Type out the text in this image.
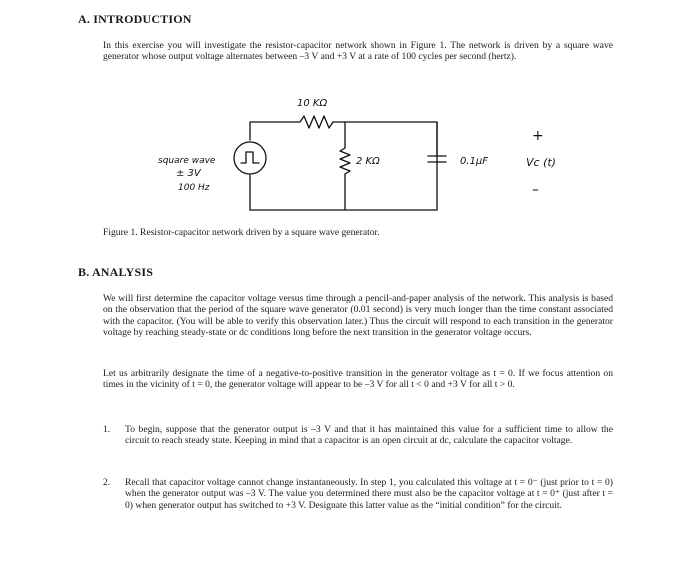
A. INTRODUCTION
In this exercise you will investigate the resistor-capacitor network shown in Figure 1. The network is driven by a square wave generator whose output voltage alternates between –3 V and +3 V at a rate of 100 cycles per second (hertz).
10 KΩ
2 KΩ	0.1μF
square wave
± 3V
100 Hz
+
Vc (t)
–
Figure 1. Resistor-capacitor network driven by a square wave generator.
B. ANALYSIS
We will first determine the capacitor voltage versus time through a pencil-and-paper analysis of the network. This analysis is based on the observation that the period of the square wave generator (0.01 second) is very much longer than the time constant associated with the capacitor. (You will be able to verify this observation later.) Thus the circuit will respond to each transition in the generator voltage by reaching steady-state or dc conditions long before the next transition in the generator voltage occurs.
Let us arbitrarily designate the time of a negative-to-positive transition in the generator voltage as t = 0. If we focus attention on times in the vicinity of t = 0, the generator voltage will appear to be –3 V for all t < 0 and +3 V for all t > 0.
1. To begin, suppose that the generator output is –3 V and that it has maintained this value for a sufficient time to allow the circuit to reach steady state. Keeping in mind that a capacitor is an open circuit at dc, calculate the capacitor voltage.
2. Recall that capacitor voltage cannot change instantaneously. In step 1, you calculated this voltage at t = 0⁻ (just prior to t = 0) when the generator output was –3 V. The value you determined there must also be the capacitor voltage at t = 0⁺ (just after t = 0) when generator output has switched to +3 V. Designate this latter value as the “initial condition” for the circuit.
